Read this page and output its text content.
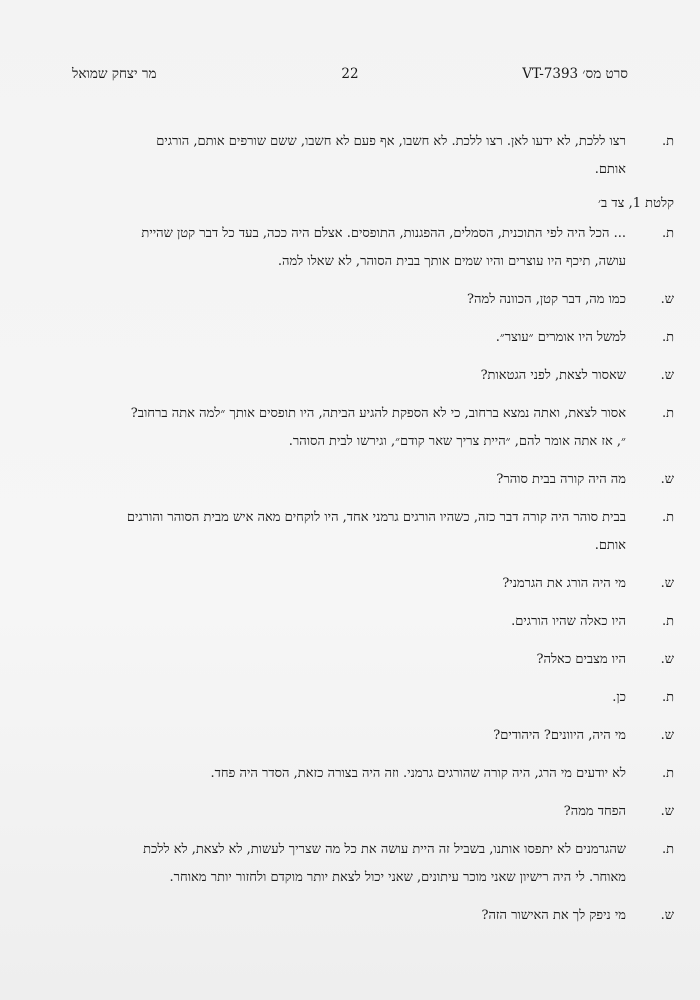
סרט מס׳ VT-7393
22
מר יצחק שמואל
ת.

רצו ללכת, לא ידעו לאן. רצו ללכת. לא חשבו, אף פעם לא חשבו, ששם שורפים אותם, הורגים אותם.

קלטת 1, צד ב׳

ת.

... הכל היה לפי התוכנית, הסמלים, ההפגנות, התופסים. אצלם היה ככה, בעד כל דבר קטן שהיית עושה, תיכף היו עוצרים והיו שמים אותך בבית הסוהר, לא שאלו למה.

ש.

כמו מה, דבר קטן, הכוונה למה?

ת.

למשל היו אומרים ״עוצר״.

ש.

שאסור לצאת, לפני הגטאות?

ת.

אסור לצאת, ואתה נמצא ברחוב, כי לא הספקת להגיע הביתה, היו תופסים אותך ״למה אתה ברחוב?״, אז אתה אומר להם, ״היית צריך שאר קודם״, וגירשו לבית הסוהר.

ש.

מה היה קורה בבית סוהר?

ת.

בבית סוהר היה קורה דבר כזה, כשהיו הורגים גרמני אחד, היו לוקחים מאה איש מבית הסוהר והורגים אותם.

ש.

מי היה הורג את הגרמני?

ת.

היו כאלה שהיו הורגים.

ש.

היו מצבים כאלה?

ת.

כן.

ש.

מי היה, היוונים? היהודים?

ת.

לא יודעים מי הרג, היה קורה שהורגים גרמני. וזה היה בצורה כזאת, הסדר היה פחד.

ש.

הפחד ממה?

ת.

שהגרמנים לא יתפסו אותנו, בשביל זה היית עושה את כל מה שצריך לעשות, לא לצאת, לא ללכת מאוחר. לי היה רישיון שאני מוכר עיתונים, שאני יכול לצאת יותר מוקדם ולחזור יותר מאוחר.

ש.

מי ניפק לך את האישור הזה?
